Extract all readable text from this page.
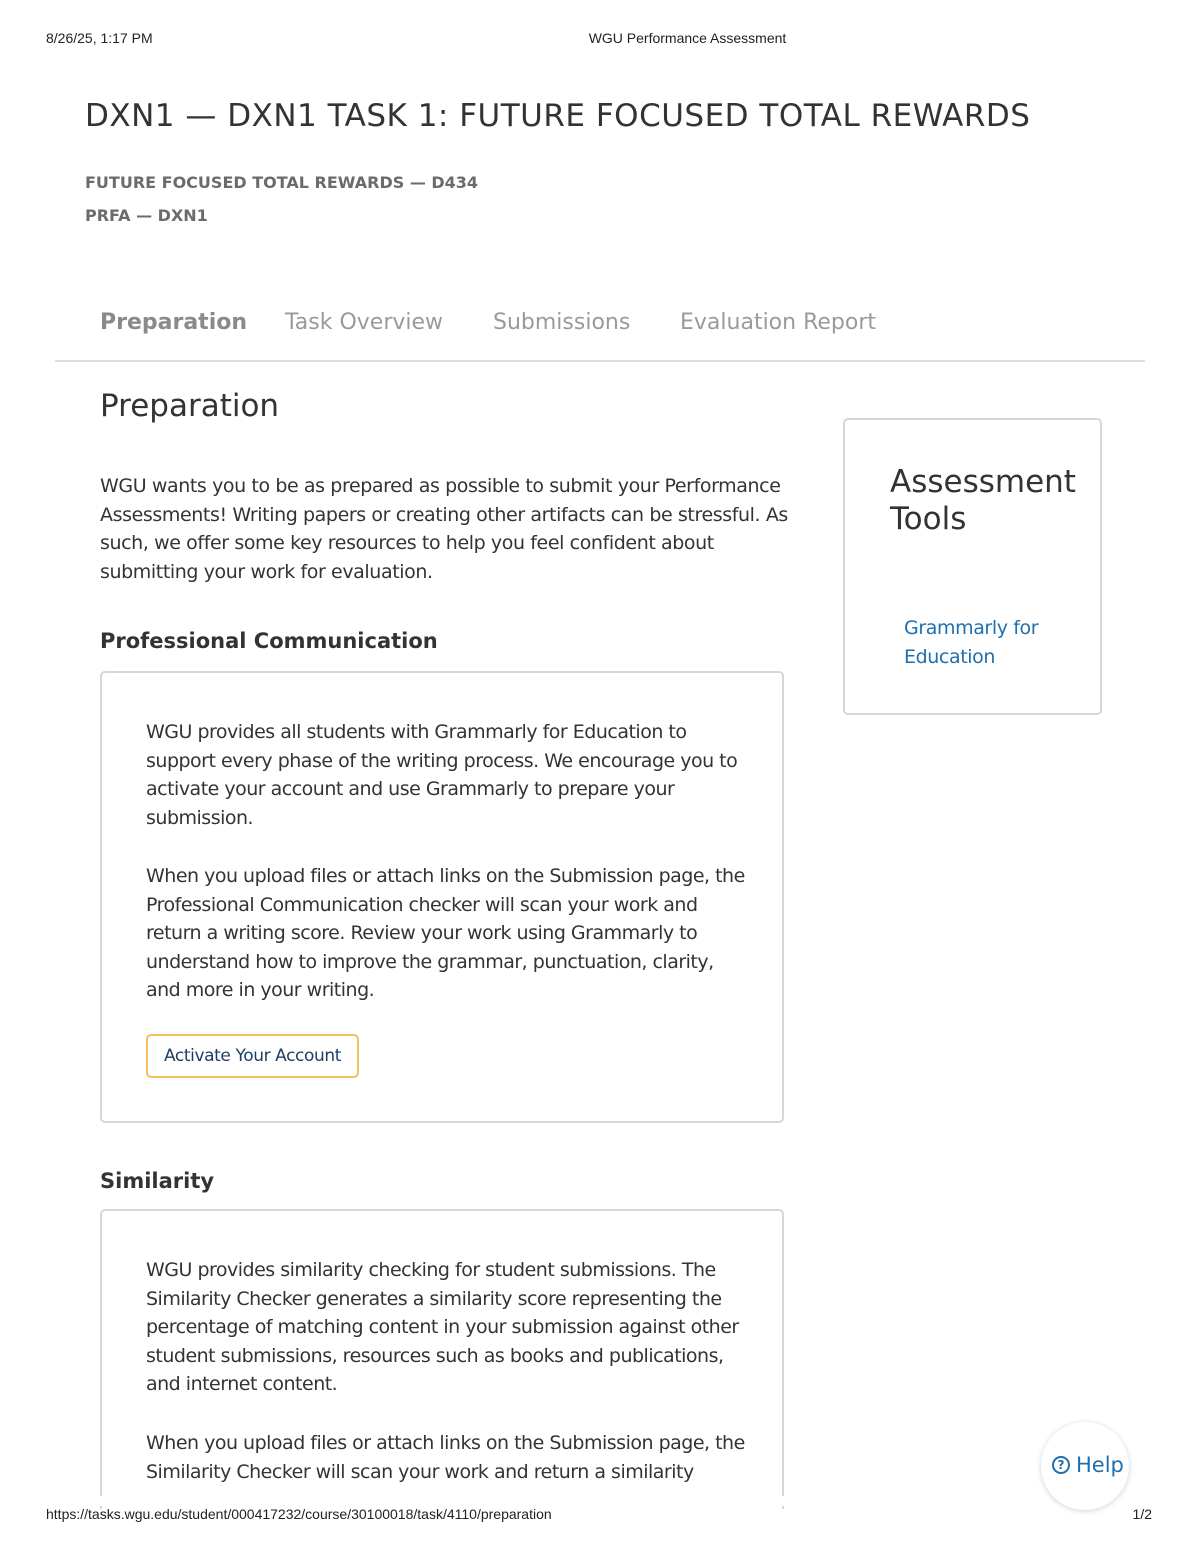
8/26/25, 1:17 PM	WGU Performance Assessment
DXN1 — DXN1 TASK 1: FUTURE FOCUSED TOTAL REWARDS
FUTURE FOCUSED TOTAL REWARDS — D434
PRFA — DXN1
Preparation Task Overview Submissions Evaluation Report
Preparation
WGU wants you to be as prepared as possible to submit your Performance Assessments! Writing papers or creating other artifacts can be stressful. As such, we offer some key resources to help you feel confident about submitting your work for evaluation.
Professional Communication
WGU provides all students with Grammarly for Education to support every phase of the writing process. We encourage you to activate your account and use Grammarly to prepare your submission.
When you upload files or attach links on the Submission page, the Professional Communication checker will scan your work and return a writing score. Review your work using Grammarly to understand how to improve the grammar, punctuation, clarity, and more in your writing.
Activate Your Account
Similarity
WGU provides similarity checking for student submissions. The Similarity Checker generates a similarity score representing the percentage of matching content in your submission against other student submissions, resources such as books and publications, and internet content.
When you upload files or attach links on the Submission page, the Similarity Checker will scan your work and return a similarity
Assessment Tools
Grammarly for Education
? Help
https://tasks.wgu.edu/student/000417232/course/30100018/task/4110/preparation	1/2
